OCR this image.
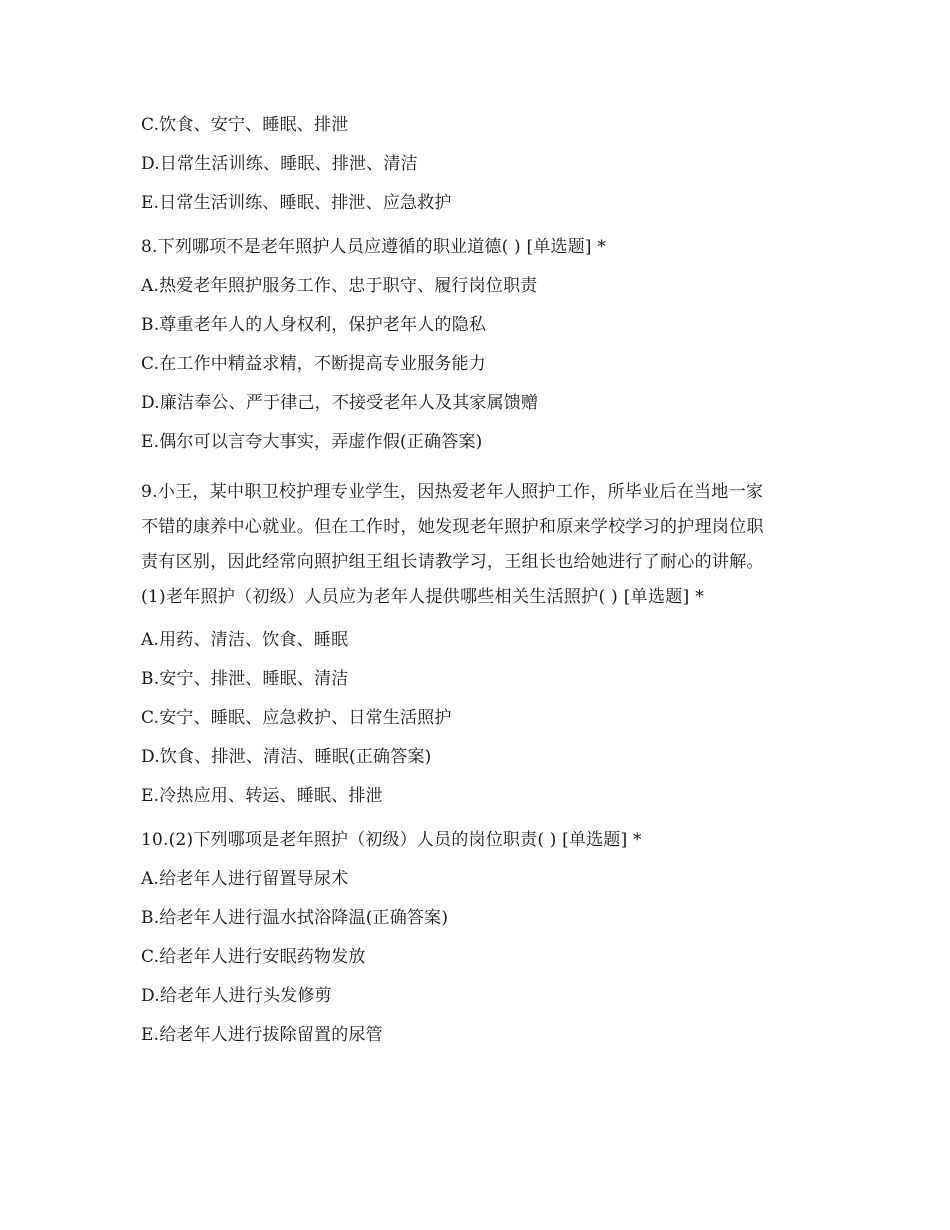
C.饮食、安宁、睡眠、排泄
D.日常生活训练、睡眠、排泄、清洁
E.日常生活训练、睡眠、排泄、应急救护
8.下列哪项不是老年照护人员应遵循的职业道德( ) [单选题] *
A.热爱老年照护服务工作、忠于职守、履行岗位职责
B.尊重老年人的人身权利，保护老年人的隐私
C.在工作中精益求精，不断提高专业服务能力
D.廉洁奉公、严于律己，不接受老年人及其家属馈赠
E.偶尔可以言夸大事实，弄虚作假(正确答案)
9.小王，某中职卫校护理专业学生，因热爱老年人照护工作，所毕业后在当地一家
不错的康养中心就业。但在工作时，她发现老年照护和原来学校学习的护理岗位职
责有区别，因此经常向照护组王组长请教学习，王组长也给她进行了耐心的讲解。
(1)老年照护（初级）人员应为老年人提供哪些相关生活照护( ) [单选题] *
A.用药、清洁、饮食、睡眠
B.安宁、排泄、睡眠、清洁
C.安宁、睡眠、应急救护、日常生活照护
D.饮食、排泄、清洁、睡眠(正确答案)
E.冷热应用、转运、睡眠、排泄
10.(2)下列哪项是老年照护（初级）人员的岗位职责( ) [单选题] *
A.给老年人进行留置导尿术
B.给老年人进行温水拭浴降温(正确答案)
C.给老年人进行安眠药物发放
D.给老年人进行头发修剪
E.给老年人进行拔除留置的尿管
